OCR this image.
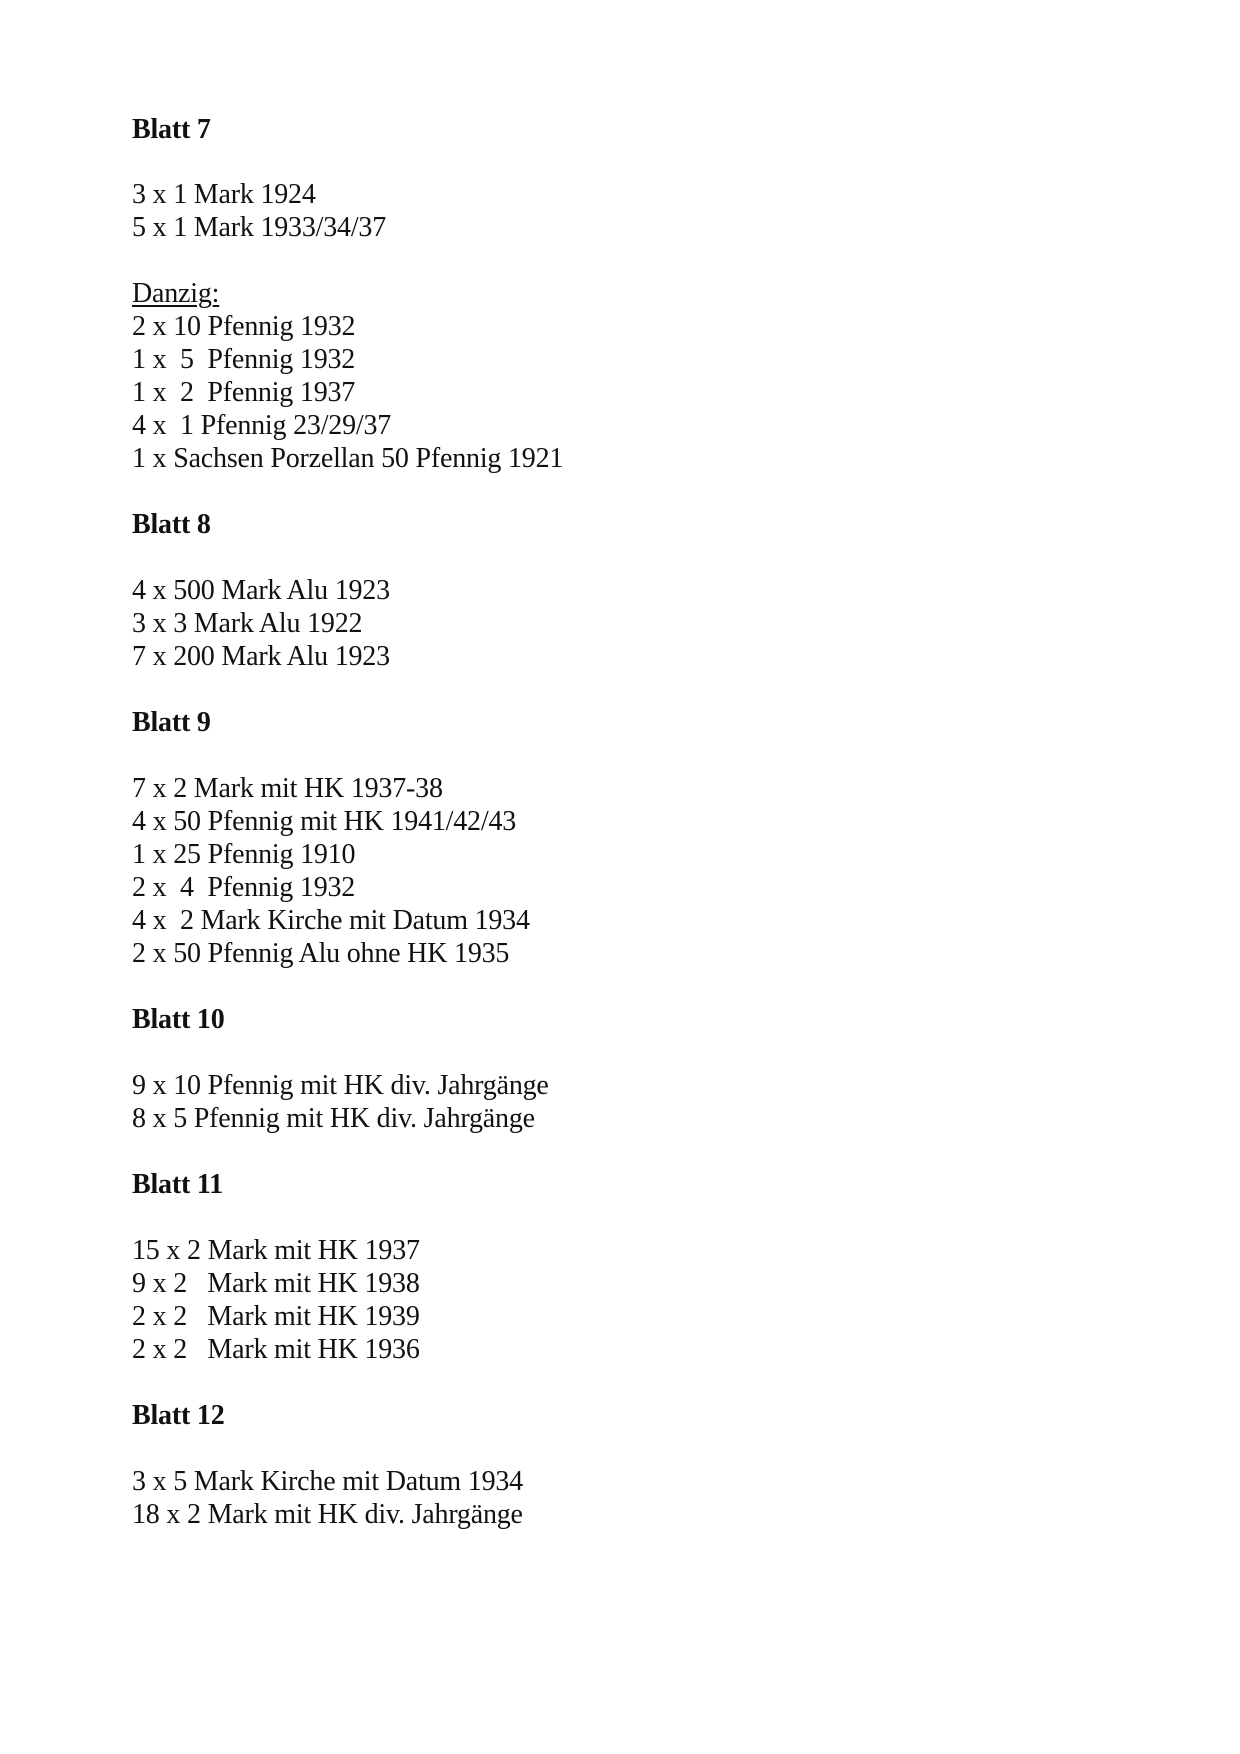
Blatt 7
3 x 1 Mark 1924
5 x 1 Mark 1933/34/37
Danzig:
2 x 10 Pfennig 1932
1 x  5  Pfennig 1932
1 x  2  Pfennig 1937
4 x  1 Pfennig 23/29/37
1 x Sachsen Porzellan 50 Pfennig 1921
Blatt 8
4 x 500 Mark Alu 1923
3 x 3 Mark Alu 1922
7 x 200 Mark Alu 1923
Blatt 9
7 x 2 Mark mit HK 1937-38
4 x 50 Pfennig mit HK 1941/42/43
1 x 25 Pfennig 1910
2 x  4  Pfennig 1932
4 x  2 Mark Kirche mit Datum 1934
2 x 50 Pfennig Alu ohne HK 1935
Blatt 10
9 x 10 Pfennig mit HK div. Jahrgänge
8 x 5 Pfennig mit HK div. Jahrgänge
Blatt 11
15 x 2 Mark mit HK 1937
9 x 2   Mark mit HK 1938
2 x 2   Mark mit HK 1939
2 x 2   Mark mit HK 1936
Blatt 12
3 x 5 Mark Kirche mit Datum 1934
18 x 2 Mark mit HK div. Jahrgänge
